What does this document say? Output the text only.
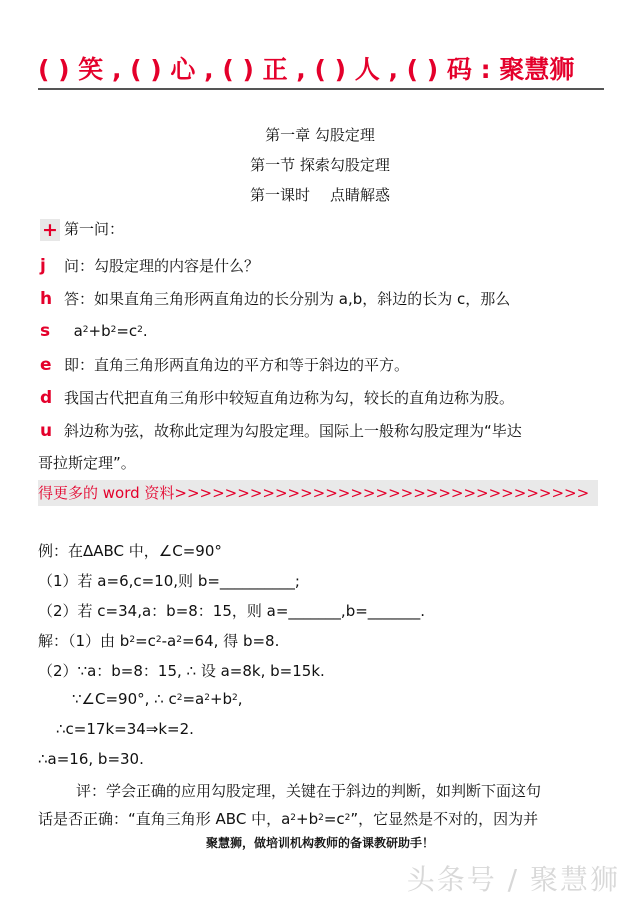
( ) 笑 , ( ) 心 , ( ) 正 , ( ) 人 , ( ) 码 : 聚慧狮
第一章 勾股定理
第一节 探索勾股定理
第一课时 点睛解惑
+ 第一问：
j 问：勾股定理的内容是什么？
h 答：如果直角三角形两直角边的长分别为 a,b，斜边的长为 c，那么
s $a^2+b^2=c^2$.
e 即：直角三角形两直角边的平方和等于斜边的平方。
d 我国古代把直角三角形中较短直角边称为勾，较长的直角边称为股。
u 斜边称为弦，故称此定理为勾股定理。国际上一般称勾股定理为“毕达
哥拉斯定理”。
得更多的 word 资料>>>>>>>>>>>>>>>>>>>>>>>>>>>>>>>>>
例：在ΔABC 中，∠C=90°
（1）若 a=6,c=10,则 b=__________;
（2）若 c=34,a：b=8：15，则 a=_______,b=_______.
解：（1）由 $b^2=c^2-a^2=64$, 得 b=8.
（2）∵a：b=8：15, ∴ 设 a=8k, b=15k.
∵∠C=90°, ∴ $c^2=a^2+b^2$,
∴c=17k=34⇒k=2.
∴a=16, b=30.
评：学会正确的应用勾股定理，关键在于斜边的判断，如判断下面这句
话是否正确：“直角三角形 ABC 中，$a^2+b^2=c^2$”，它显然是不对的，因为并
聚慧狮，做培训机构教师的备课教研助手！
头条号 / 聚慧狮
